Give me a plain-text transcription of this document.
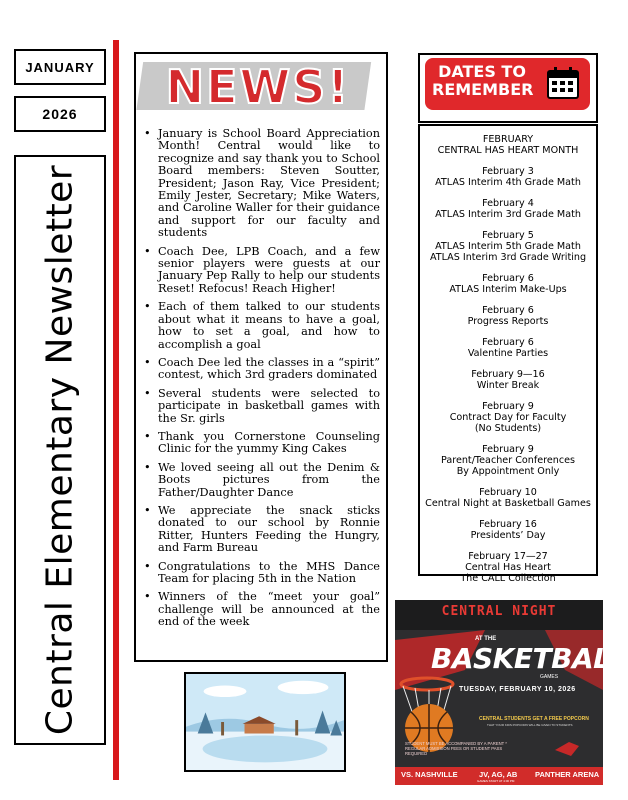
JANUARY
2026
Central Elementary Newsletter
NEWS!
• January is School Board Appreciation Month! Central would like to recognize and say thank you to School Board members: Steven Soutter, President; Jason Ray, Vice President; Emily Jester, Secretary; Mike Waters, and Caroline Waller for their guidance and support for our faculty and students
• Coach Dee, LPB Coach, and a few senior players were guests at our January Pep Rally to help our students Reset! Refocus! Reach Higher!
• Each of them talked to our students about what it means to have a goal, how to set a goal, and how to accomplish a goal
• Coach Dee led the classes in a “spirit” contest, which 3rd graders dominated
• Several students were selected to participate in basketball games with the Sr. girls
• Thank you Cornerstone Counseling Clinic for the yummy King Cakes
• We loved seeing all out the Denim & Boots pictures from the Father/Daughter Dance
• We appreciate the snack sticks donated to our school by Ronnie Ritter, Hunters Feeding the Hungry, and Farm Bureau
• Congratulations to the MHS Dance Team for placing 5th in the Nation
• Winners of the “meet your goal” challenge will be announced at the end of the week
DATES TO
REMEMBER
FEBRUARY
CENTRAL HAS HEART MONTH
February 3
ATLAS Interim 4th Grade Math
February 4
ATLAS Interim 3rd Grade Math
February 5
ATLAS Interim 5th Grade Math
ATLAS Interim 3rd Grade Writing
February 6
ATLAS Interim Make-Ups
February 6
Progress Reports
February 6
Valentine Parties
February 9—16
Winter Break
February 9
Contract Day for Faculty
(No Students)
February 9
Parent/Teacher Conferences
By Appointment Only
February 10
Central Night at Basketball Games
February 16
Presidents’ Day
February 17—27
Central Has Heart
The CALL Collection
CENTRAL NIGHT
AT THE
BASKETBALL
GAMES
TUESDAY, FEBRUARY 10, 2026
CENTRAL STUDENTS GET A FREE POPCORN
THAT YOUR KIDS POPCORN WILL BE GIVEN TO STUDENTS
STUDENT MUST BE ACCOMPANIED BY A PARENT * REGULAR ADMISSION FEES OR STUDENT PASS REQUIRED
VS. NASHVILLE	JV, AG, AB
GAMES START AT 4:00 PM
PANTHER ARENA
